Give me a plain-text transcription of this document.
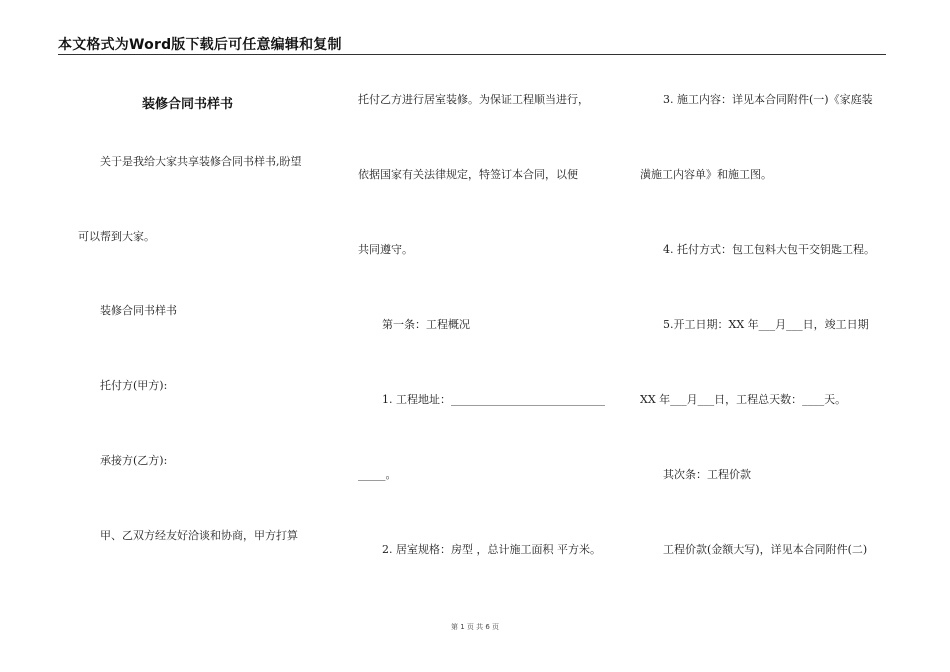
本文格式为Word版下载后可任意编辑和复制
装修合同书样书
关于是我给大家共享装修合同书样书,盼望
可以帮到大家。
装修合同书样书
托付方(甲方):
承接方(乙方):
甲、乙双方经友好洽谈和协商，甲方打算
托付乙方进行居室装修。为保证工程顺当进行，
依据国家有关法律规定，特签订本合同，以便
共同遵守。
第一条：工程概况
1. 工程地址：____________________________
_____。
2. 居室规格：房型 ，总计施工面积 平方米。
3. 施工内容：详见本合同附件(一)《家庭装
潢施工内容单》和施工图。
4. 托付方式：包工包料大包干交钥匙工程。
5.开工日期：XX 年___月___日，竣工日期
XX 年___月___日，工程总天数：____天。
其次条：工程价款
工程价款(金额大写)，详见本合同附件(二)
第 1 页 共 6 页
